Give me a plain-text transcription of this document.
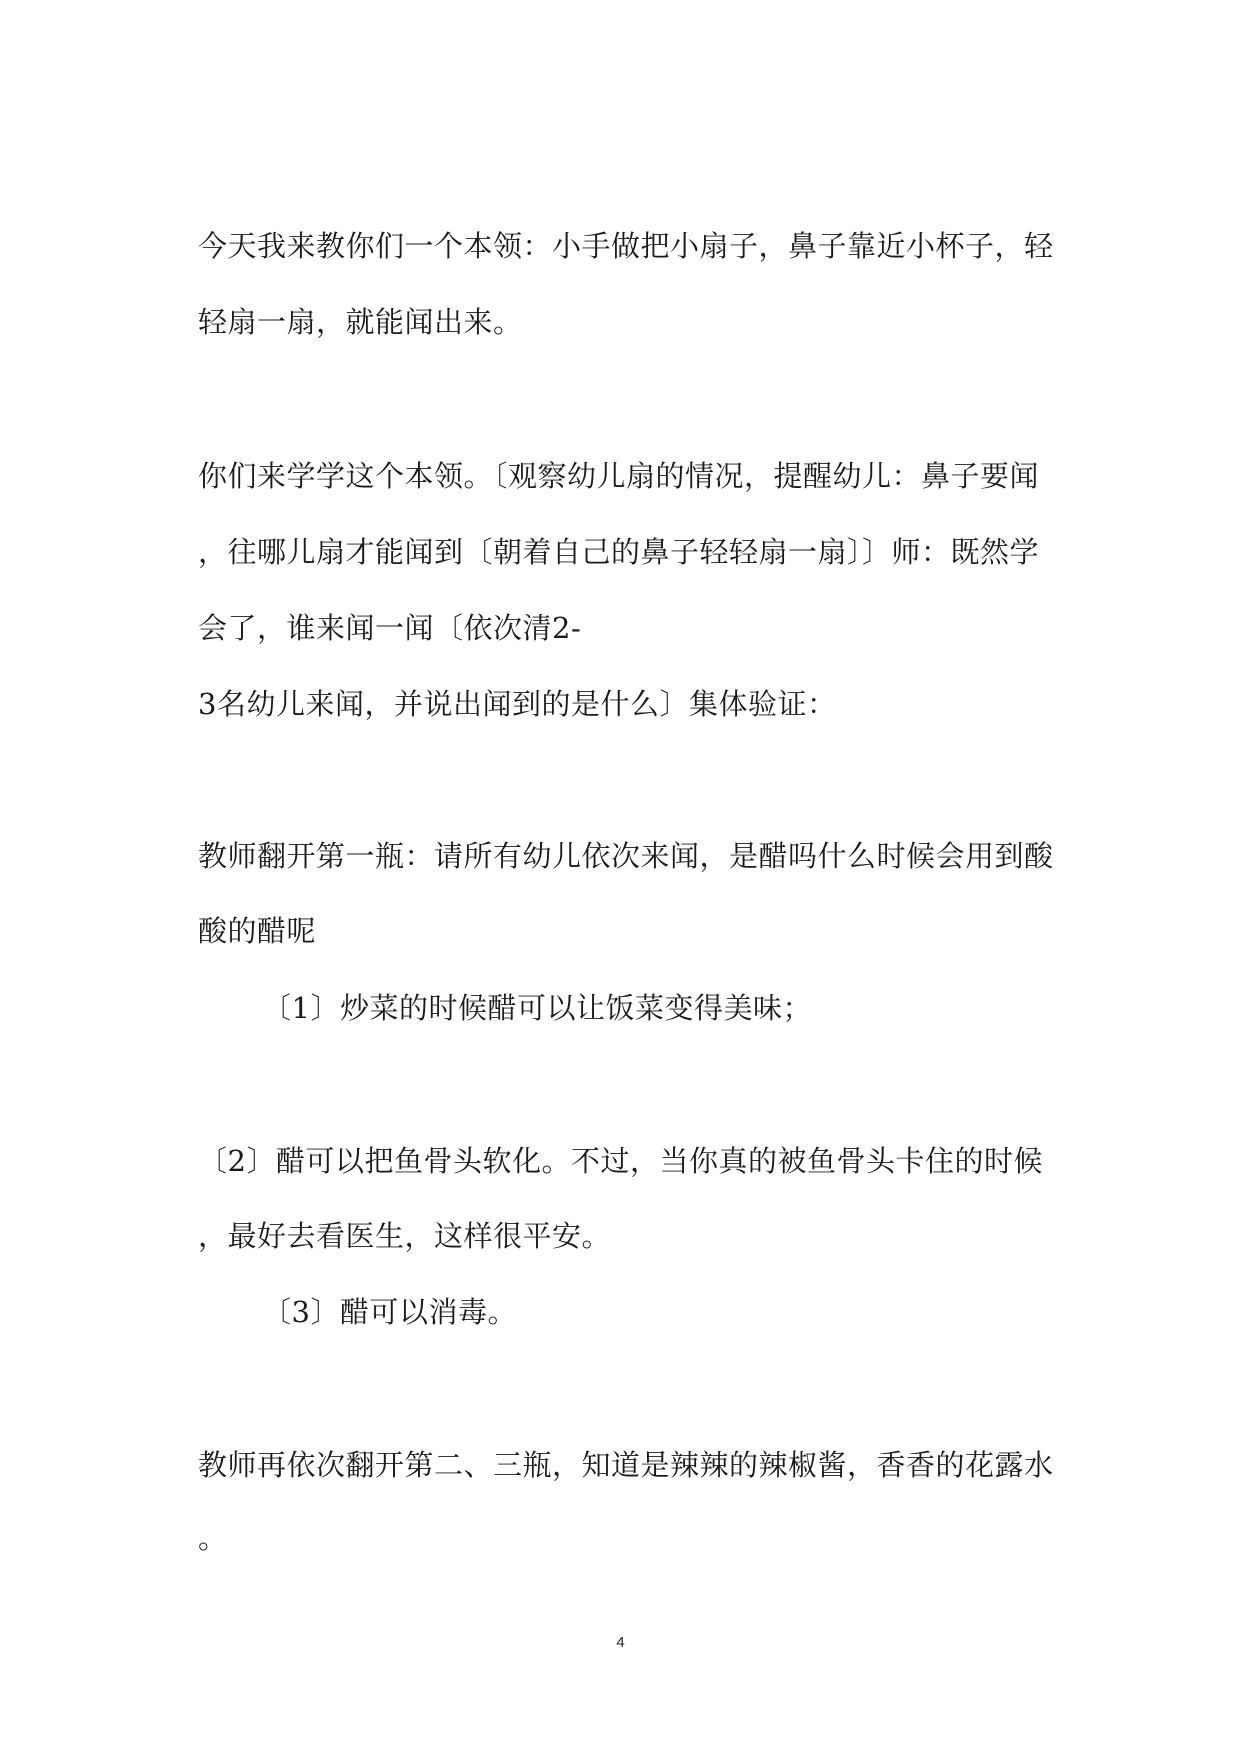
今天我来教你们一个本领：小手做把小扇子，鼻子靠近小杯子，轻
轻扇一扇，就能闻出来。
你们来学学这个本领。〔观察幼儿扇的情况，提醒幼儿：鼻子要闻
，往哪儿扇才能闻到〔朝着自己的鼻子轻轻扇一扇〕〕师：既然学
会了，谁来闻一闻〔依次清2-
3名幼儿来闻，并说出闻到的是什么〕集体验证：
教师翻开第一瓶：请所有幼儿依次来闻，是醋吗什么时候会用到酸
酸的醋呢
〔1〕炒菜的时候醋可以让饭菜变得美味；
〔2〕醋可以把鱼骨头软化。不过，当你真的被鱼骨头卡住的时候
，最好去看医生，这样很平安。
〔3〕醋可以消毒。
教师再依次翻开第二、三瓶，知道是辣辣的辣椒酱，香香的花露水
。
4
